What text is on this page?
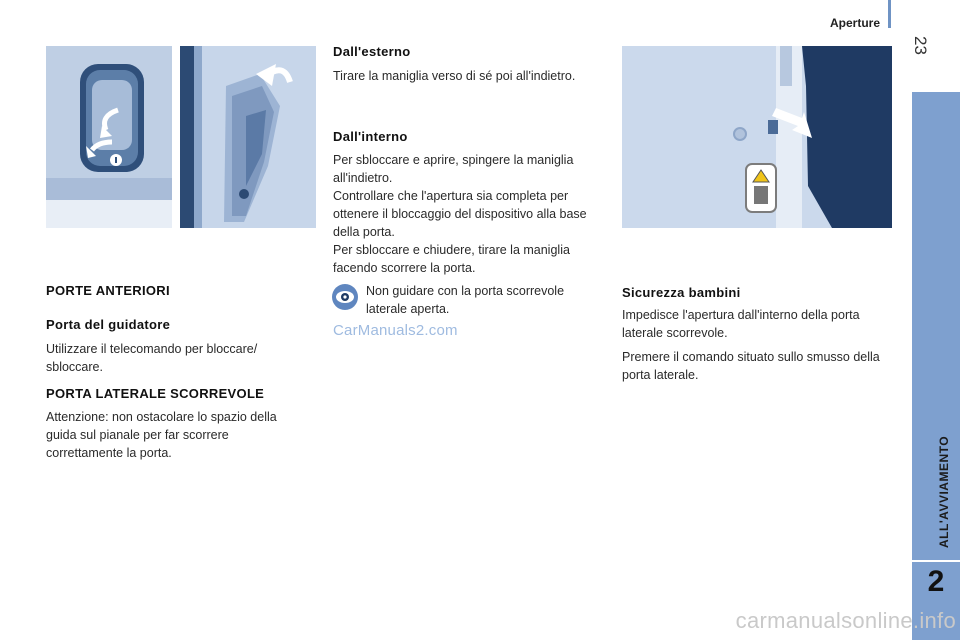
Aperture
23
ALL'AVVIAMENTO
2
Dall'esterno
Tirare la maniglia verso di sé poi all'indietro.
Dall'interno

Per sbloccare e aprire, spingere la maniglia all'indietro.

Controllare che l'apertura sia completa per ottenere il bloccaggio del dispositivo alla base della porta.

Per sbloccare e chiudere, tirare la maniglia facendo scorrere la porta.

Non guidare con la porta scorrevole laterale aperta.
CarManuals2.com
PORTE ANTERIORI
Porta del guidatore
Utilizzare il telecomando per bloccare/ sbloccare.
PORTA LATERALE SCORREVOLE
Attenzione: non ostacolare lo spazio della guida sul pianale per far scorrere correttamente la porta.
Sicurezza bambini

Impedisce l'apertura dall'interno della porta laterale scorrevole.

Premere il comando situato sullo smusso della porta laterale.

carmanualsonline.info
